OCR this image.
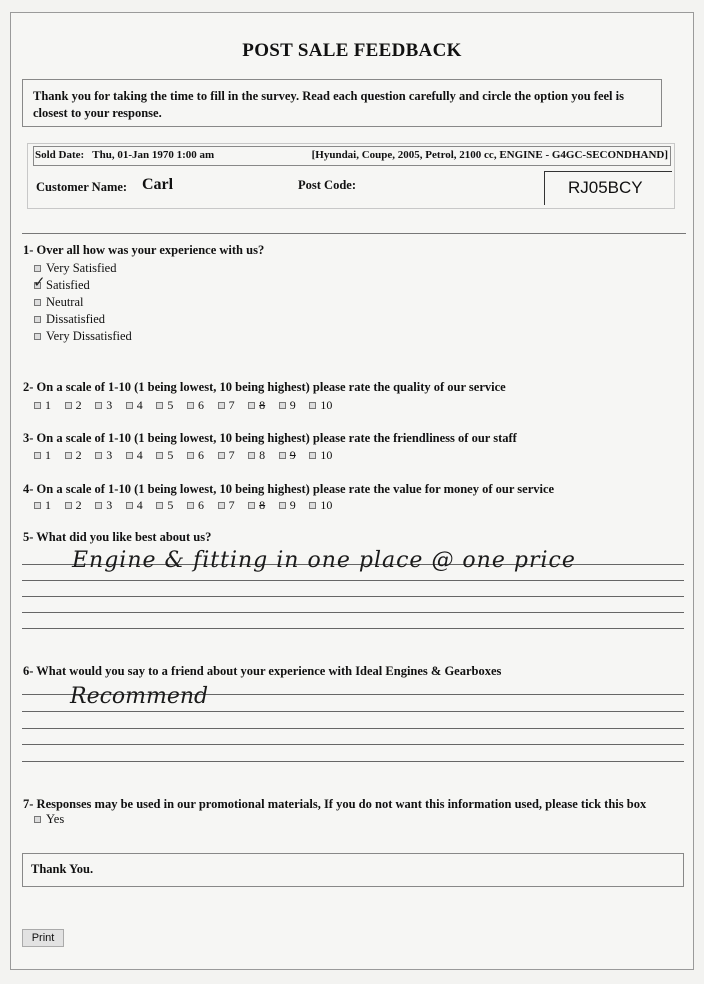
POST SALE FEEDBACK
Thank you for taking the time to fill in the survey. Read each question carefully and circle the option you feel is closest to your response.
Sold Date: Thu, 01-Jan 1970 1:00 am	[Hyundai, Coupe, 2005, Petrol, 2100 cc, ENGINE - G4GC-SECONDHAND]
Customer Name: Carl	Post Code:	RJ05BCY
1- Over all how was your experience with us?
Very Satisfied
Satisfied
Neutral
Dissatisfied
Very Dissatisfied
✓
2- On a scale of 1-10 (1 being lowest, 10 being highest) please rate the quality of our service
1 2 3 4 5 6 7 8 9 10
3- On a scale of 1-10 (1 being lowest, 10 being highest) please rate the friendliness of our staff
1 2 3 4 5 6 7 8 9 10
4- On a scale of 1-10 (1 being lowest, 10 being highest) please rate the value for money of our service
1 2 3 4 5 6 7 8 9 10
5- What did you like best about us?
Engine & fitting in one place @ one price
6- What would you say to a friend about your experience with Ideal Engines & Gearboxes
Recommend
7- Responses may be used in our promotional materials, If you do not want this information used, please tick this box
Yes
Thank You.
Print
